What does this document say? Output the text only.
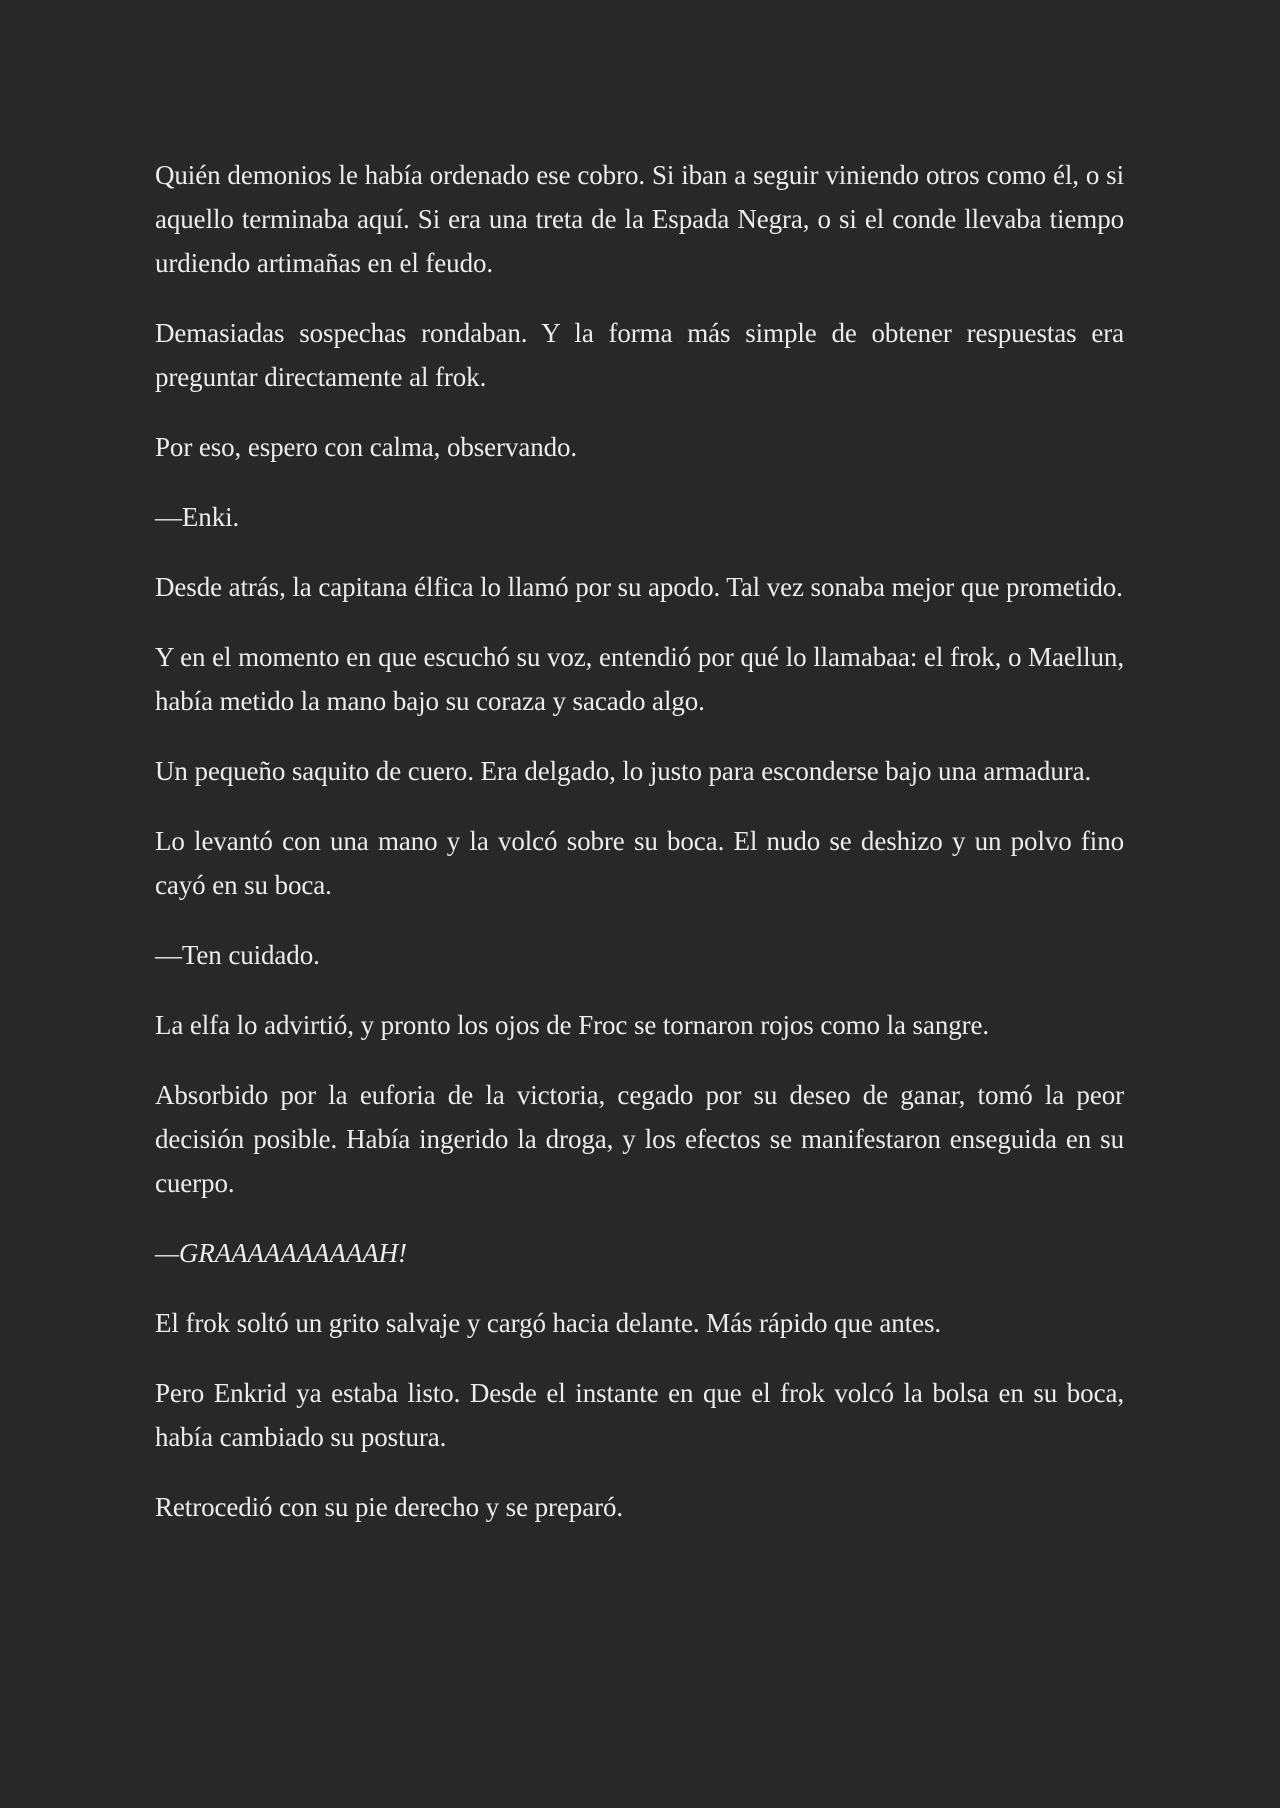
Quién demonios le había ordenado ese cobro. Si iban a seguir viniendo otros como él, o si aquello terminaba aquí. Si era una treta de la Espada Negra, o si el conde llevaba tiempo urdiendo artimañas en el feudo.

Demasiadas sospechas rondaban. Y la forma más simple de obtener respuestas era preguntar directamente al frok.

Por eso, espero con calma, observando.

—Enki.

Desde atrás, la capitana élfica lo llamó por su apodo. Tal vez sonaba mejor que prometido.

Y en el momento en que escuchó su voz, entendió por qué lo llamabaa: el frok, o Maellun, había metido la mano bajo su coraza y sacado algo.

Un pequeño saquito de cuero. Era delgado, lo justo para esconderse bajo una armadura.

Lo levantó con una mano y la volcó sobre su boca. El nudo se deshizo y un polvo fino cayó en su boca.

—Ten cuidado.

La elfa lo advirtió, y pronto los ojos de Froc se tornaron rojos como la sangre.

Absorbido por la euforia de la victoria, cegado por su deseo de ganar, tomó la peor decisión posible. Había ingerido la droga, y los efectos se manifestaron enseguida en su cuerpo.

—GRAAAAAAAAAAH!

El frok soltó un grito salvaje y cargó hacia delante. Más rápido que antes.

Pero Enkrid ya estaba listo. Desde el instante en que el frok volcó la bolsa en su boca, había cambiado su postura.

Retrocedió con su pie derecho y se preparó.
